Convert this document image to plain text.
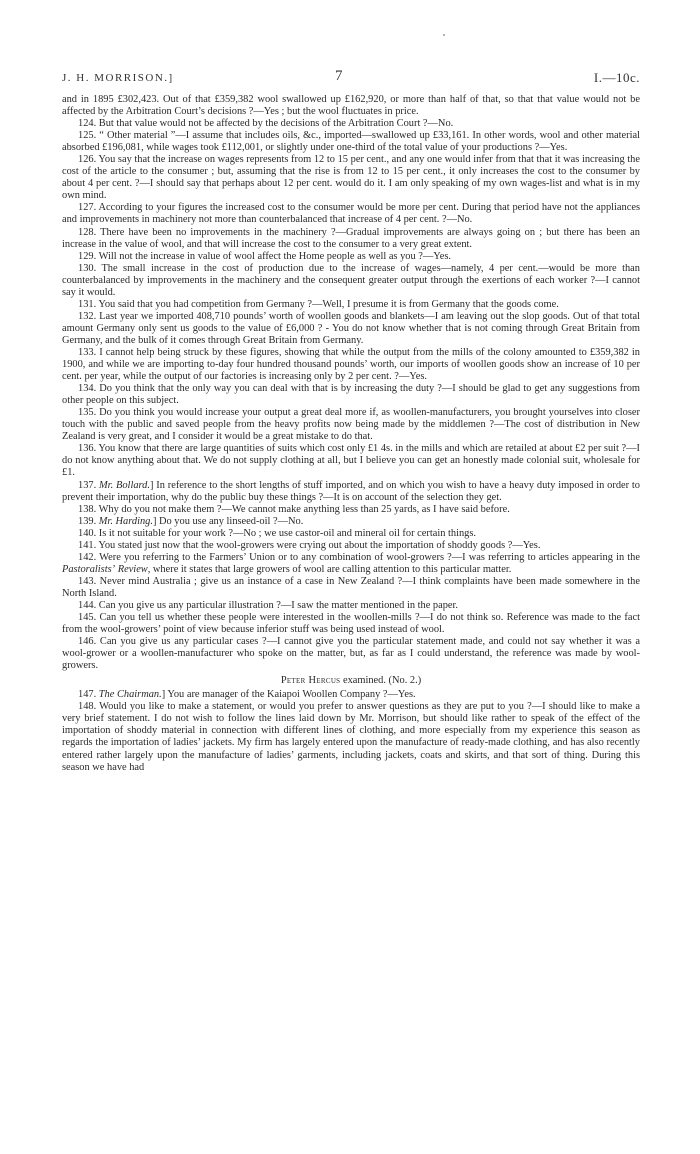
J. H. MORRISON.]	7	I.—10c.

and in 1895 £302,423. Out of that £359,382 wool swallowed up £162,920, or more than half of that, so that that value would not be affected by the Arbitration Court’s decisions ?—Yes ; but the wool fluctuates in price.

124. But that value would not be affected by the decisions of the Arbitration Court ?—No.

125. “ Other material ”—I assume that includes oils, &c., imported—swallowed up £33,161. In other words, wool and other material absorbed £196,081, while wages took £112,001, or slightly under one-third of the total value of your productions ?—Yes.

126. You say that the increase on wages represents from 12 to 15 per cent., and any one would infer from that that it was increasing the cost of the article to the consumer ; but, assuming that the rise is from 12 to 15 per cent., it only increases the cost to the consumer by about 4 per cent. ?—I should say that perhaps about 12 per cent. would do it. I am only speaking of my own wages-list and what is in my own mind.

127. According to your figures the increased cost to the consumer would be more per cent. During that period have not the appliances and improvements in machinery not more than counterbalanced that increase of 4 per cent. ?—No.

128. There have been no improvements in the machinery ?—Gradual improvements are always going on ; but there has been an increase in the value of wool, and that will increase the cost to the consumer to a very great extent.

129. Will not the increase in value of wool affect the Home people as well as you ?—Yes.

130. The small increase in the cost of production due to the increase of wages—namely, 4 per cent.—would be more than counterbalanced by improvements in the machinery and the consequent greater output through the exertions of each worker ?—I cannot say it would.

131. You said that you had competition from Germany ?—Well, I presume it is from Germany that the goods come.

132. Last year we imported 408,710 pounds’ worth of woollen goods and blankets—I am leaving out the slop goods. Out of that total amount Germany only sent us goods to the value of £6,000 ? - You do not know whether that is not coming through Great Britain from Germany, and the bulk of it comes through Great Britain from Germany.

133. I cannot help being struck by these figures, showing that while the output from the mills of the colony amounted to £359,382 in 1900, and while we are importing to-day four hundred thousand pounds’ worth, our imports of woollen goods show an increase of 10 per cent. per year, while the output of our factories is increasing only by 2 per cent. ?—Yes.

134. Do you think that the only way you can deal with that is by increasing the duty ?—I should be glad to get any suggestions from other people on this subject.

135. Do you think you would increase your output a great deal more if, as woollen-manufacturers, you brought yourselves into closer touch with the public and saved people from the heavy profits now being made by the middlemen ?—The cost of distribution in New Zealand is very great, and I consider it would be a great mistake to do that.

136. You know that there are large quantities of suits which cost only £1 4s. in the mills and which are retailed at about £2 per suit ?—I do not know anything about that. We do not supply clothing at all, but I believe you can get an honestly made colonial suit, wholesale for £1.

137. Mr. Bollard.] In reference to the short lengths of stuff imported, and on which you wish to have a heavy duty imposed in order to prevent their importation, why do the public buy these things ?—It is on account of the selection they get.

138. Why do you not make them ?—We cannot make anything less than 25 yards, as I have said before.

139. Mr. Harding.] Do you use any linseed-oil ?—No.

140. Is it not suitable for your work ?—No ; we use castor-oil and mineral oil for certain things.

141. You stated just now that the wool-growers were crying out about the importation of shoddy goods ?—Yes.

142. Were you referring to the Farmers’ Union or to any combination of wool-growers ?—I was referring to articles appearing in the Pastoralists’ Review, where it states that large growers of wool are calling attention to this particular matter.

143. Never mind Australia ; give us an instance of a case in New Zealand ?—I think complaints have been made somewhere in the North Island.

144. Can you give us any particular illustration ?—I saw the matter mentioned in the paper.

145. Can you tell us whether these people were interested in the woollen-mills ?—I do not think so. Reference was made to the fact from the wool-growers’ point of view because inferior stuff was being used instead of wool.

146. Can you give us any particular cases ?—I cannot give you the particular statement made, and could not say whether it was a wool-grower or a woollen-manufacturer who spoke on the matter, but, as far as I could understand, the reference was made by wool-growers.

Peter Hercus examined. (No. 2.)

147. The Chairman.] You are manager of the Kaiapoi Woollen Company ?—Yes.

148. Would you like to make a statement, or would you prefer to answer questions as they are put to you ?—I should like to make a very brief statement. I do not wish to follow the lines laid down by Mr. Morrison, but should like rather to speak of the effect of the importation of shoddy material in connection with different lines of clothing, and more especially from my experience this season as regards the importation of ladies’ jackets. My firm has largely entered upon the manufacture of ready-made clothing, and has also recently entered rather largely upon the manufacture of ladies’ garments, including jackets, coats and skirts, and that sort of thing. During this season we have had
